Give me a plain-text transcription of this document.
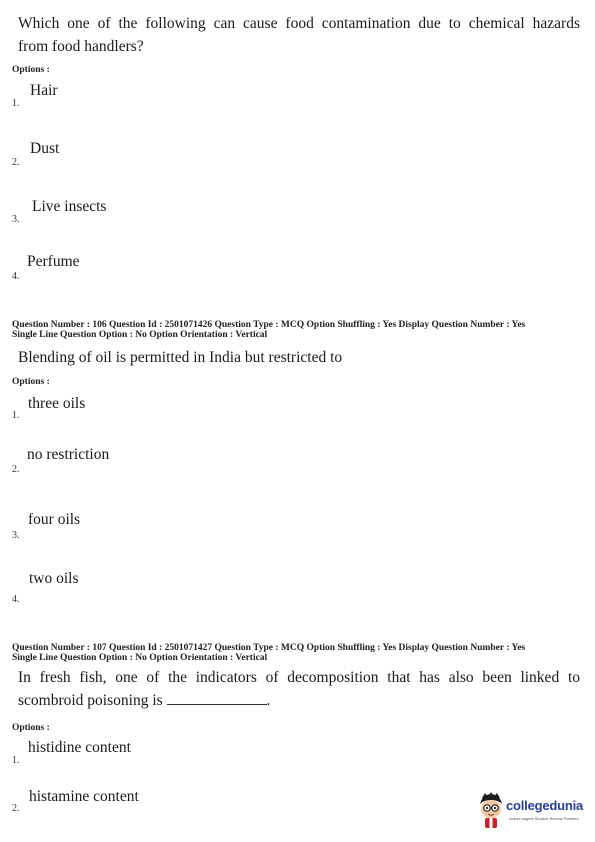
Which one of the following can cause food contamination due to chemical hazards
from food handlers?
Options :
Hair
1.
Dust
2.
Live insects
3.
Perfume
4.
Question Number : 106 Question Id : 2501071426 Question Type : MCQ Option Shuffling : Yes Display Question Number : Yes
Single Line Question Option : No Option Orientation : Vertical
Blending of oil is permitted in India but restricted to
Options :
three oils
1.
no restriction
2.
four oils
3.
two oils
4.
Question Number : 107 Question Id : 2501071427 Question Type : MCQ Option Shuffling : Yes Display Question Number : Yes
Single Line Question Option : No Option Orientation : Vertical
In fresh fish, one of the indicators of decomposition that has also been linked to
scombroid poisoning is	.
Options :
histidine content
1.
histamine content
2.	collegedunia
India's largest Student Review Platform
